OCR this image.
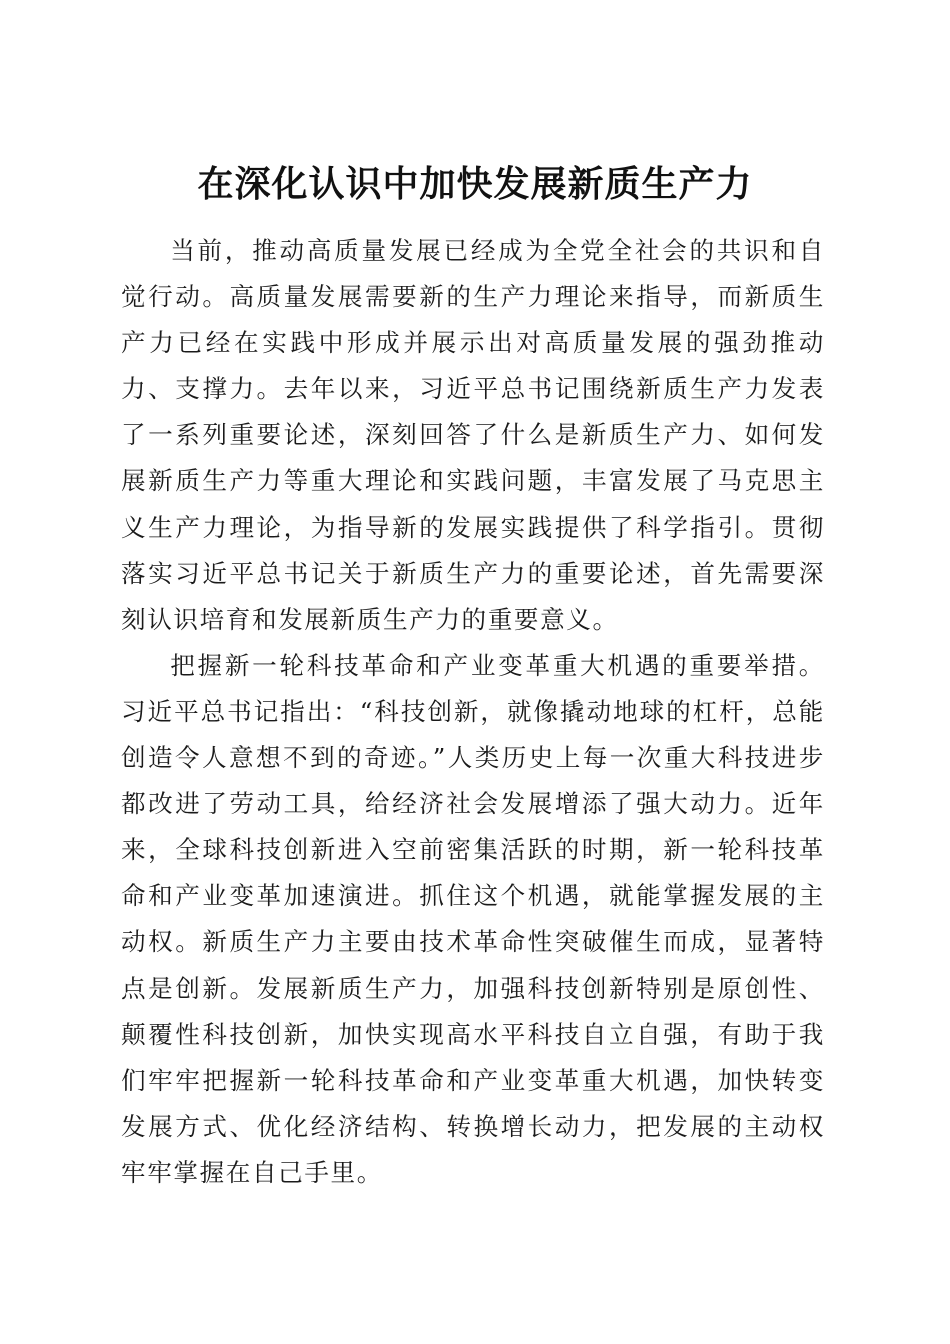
在深化认识中加快发展新质生产力

当前，推动高质量发展已经成为全党全社会的共识和自觉行动。高质量发展需要新的生产力理论来指导，而新质生产力已经在实践中形成并展示出对高质量发展的强劲推动力、支撑力。去年以来，习近平总书记围绕新质生产力发表了一系列重要论述，深刻回答了什么是新质生产力、如何发展新质生产力等重大理论和实践问题，丰富发展了马克思主义生产力理论，为指导新的发展实践提供了科学指引。贯彻落实习近平总书记关于新质生产力的重要论述，首先需要深刻认识培育和发展新质生产力的重要意义。

把握新一轮科技革命和产业变革重大机遇的重要举措。习近平总书记指出：“科技创新，就像撬动地球的杠杆，总能创造令人意想不到的奇迹。”人类历史上每一次重大科技进步都改进了劳动工具，给经济社会发展增添了强大动力。近年来，全球科技创新进入空前密集活跃的时期，新一轮科技革命和产业变革加速演进。抓住这个机遇，就能掌握发展的主动权。新质生产力主要由技术革命性突破催生而成，显著特点是创新。发展新质生产力，加强科技创新特别是原创性、颠覆性科技创新，加快实现高水平科技自立自强，有助于我们牢牢把握新一轮科技革命和产业变革重大机遇，加快转变发展方式、优化经济结构、转换增长动力，把发展的主动权牢牢掌握在自己手里。
